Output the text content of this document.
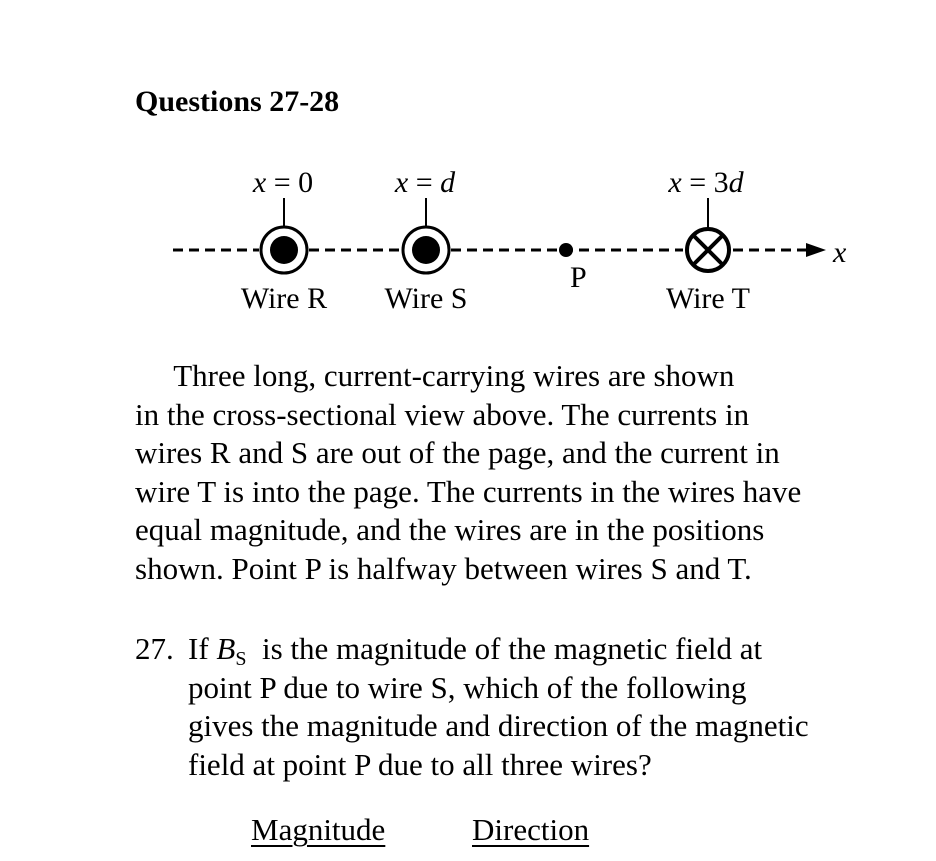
Questions 27-28
x = 0	x = d	x = 3d
x
P
Wire R Wire S	Wire T
Three long, current-carrying wires are shown
in the cross-sectional view above. The currents in
wires R and S are out of the page, and the current in
wire T is into the page. The currents in the wires have
equal magnitude, and the wires are in the positions
shown. Point P is halfway between wires S and T.
27. If $B_S$ is the magnitude of the magnetic field at
point P due to wire S, which of the following
gives the magnitude and direction of the magnetic
field at point P due to all three wires?
Magnitude	Direction
